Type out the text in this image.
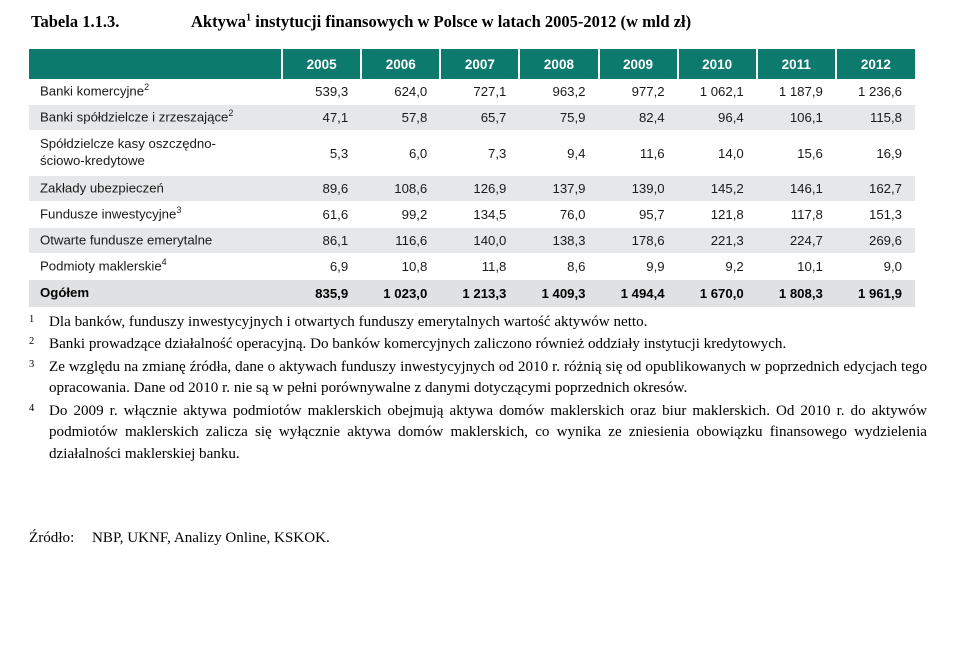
Tabela 1.1.3.	Aktywa$^1$ instytucji finansowych w Polsce w latach 2005-2012 (w mld zł)
	2005	2006	2007	2008	2009	2010	2011	2012
Banki komercyjne$^2$	539,3	624,0	727,1	963,2	977,2	1 062,1	1 187,9	1 236,6
Banki spółdzielcze i zrzeszające$^2$	47,1	57,8	65,7	75,9	82,4	96,4	106,1	115,8

Spółdzielcze kasy oszczędno-
ściowo-kredytowe	5,3	6,0	7,3	9,4	11,6	14,0	15,6	16,9
Zakłady ubezpieczeń	89,6	108,6	126,9	137,9	139,0	145,2	146,1	162,7
Fundusze inwestycyjne$^3$	61,6	99,2	134,5	76,0	95,7	121,8	117,8	151,3
Otwarte fundusze emerytalne	86,1	116,6	140,0	138,3	178,6	221,3	224,7	269,6
Podmioty maklerskie$^4$	6,9	10,8	11,8	8,6	9,9	9,2	10,1	9,0
Ogółem	835,9	1 023,0	1 213,3	1 409,3	1 494,4	1 670,0	1 808,3	1 961,9
1 Dla banków, funduszy inwestycyjnych i otwartych funduszy emerytalnych wartość aktywów netto.

2 Banki prowadzące działalność operacyjną. Do banków komercyjnych zaliczono również oddziały instytucji kredytowych.

3 Ze względu na zmianę źródła, dane o aktywach funduszy inwestycyjnych od 2010 r. różnią się od opublikowanych w poprzednich edycjach tego opracowania. Dane od 2010 r. nie są w pełni porównywalne z danymi dotyczącymi poprzednich okresów.

4 Do 2009 r. włącznie aktywa podmiotów maklerskich obejmują aktywa domów maklerskich oraz biur maklerskich. Od 2010 r. do aktywów podmiotów maklerskich zalicza się wyłącznie aktywa domów maklerskich, co wynika ze zniesienia obowiązku finansowego wydzielenia działalności maklerskiej banku.

Źródło: NBP, UKNF, Analizy Online, KSKOK.
